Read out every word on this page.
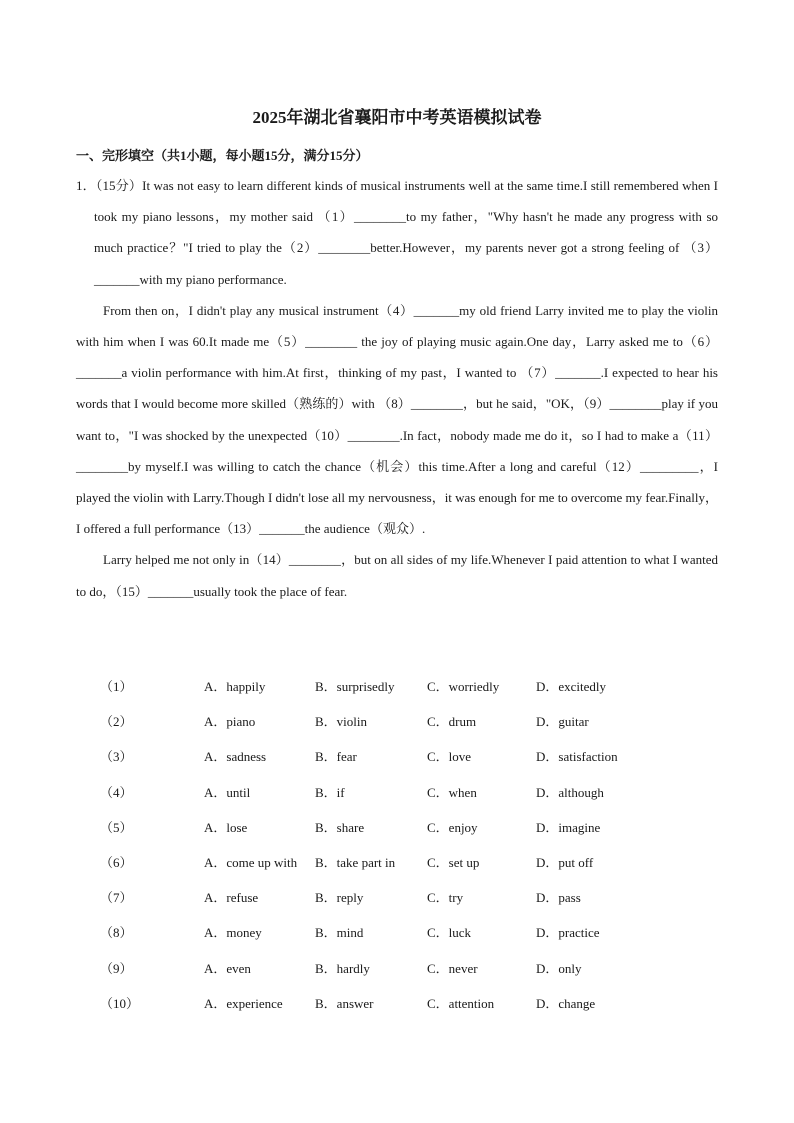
2025年湖北省襄阳市中考英语模拟试卷
一、完形填空（共1小题，每小题15分，满分15分）

1．（15分）It was not easy to learn different kinds of musical instruments well at the same time.I still remembered when I took my piano lessons，my mother said （1）________to my father，"Why hasn't he made any progress with so much practice？"I tried to play the（2）________better.However，my parents never got a strong feeling of （3）_______with my piano performance.

From then on，I didn't play any musical instrument（4）_______my old friend Larry invited me to play the violin with him when I was 60.It made me（5）________ the joy of playing music again.One day，Larry asked me to（6）_______a violin performance with him.At first，thinking of my past，I wanted to （7）_______.I expected to hear his words that I would become more skilled（熟练的）with （8）________，but he said，"OK，（9）________play if you want to，"I was shocked by the unexpected（10）________.In fact，nobody made me do it，so I had to make a（11）________by myself.I was willing to catch the chance（机会）this time.After a long and careful（12）_________，I played the violin with Larry.Though I didn't lose all my nervousness，it was enough for me to overcome my fear.Finally，I offered a full performance（13）_______the audience（观众）.

Larry helped me not only in（14）________，but on all sides of my life.Whenever I paid attention to what I wanted to do，（15）_______usually took the place of fear.

（1）	A．happily	B．surprisedly	C．worriedly	D．excitedly
（2）	A．piano	B．violin	C．drum	D．guitar
（3）	A．sadness	B．fear	C．love	D．satisfaction
（4）	A．until	B．if	C．when	D．although
（5）	A．lose	B．share	C．enjoy	D．imagine
（6）	A．come up with B．take part in C．set up	D．put off
（7）	A．refuse	B．reply	C．try	D．pass
（8）	A．money	B．mind	C．luck	D．practice
（9）	A．even	B．hardly	C．never	D．only
（10）	A．experience B．answer	C．attention	D．change
